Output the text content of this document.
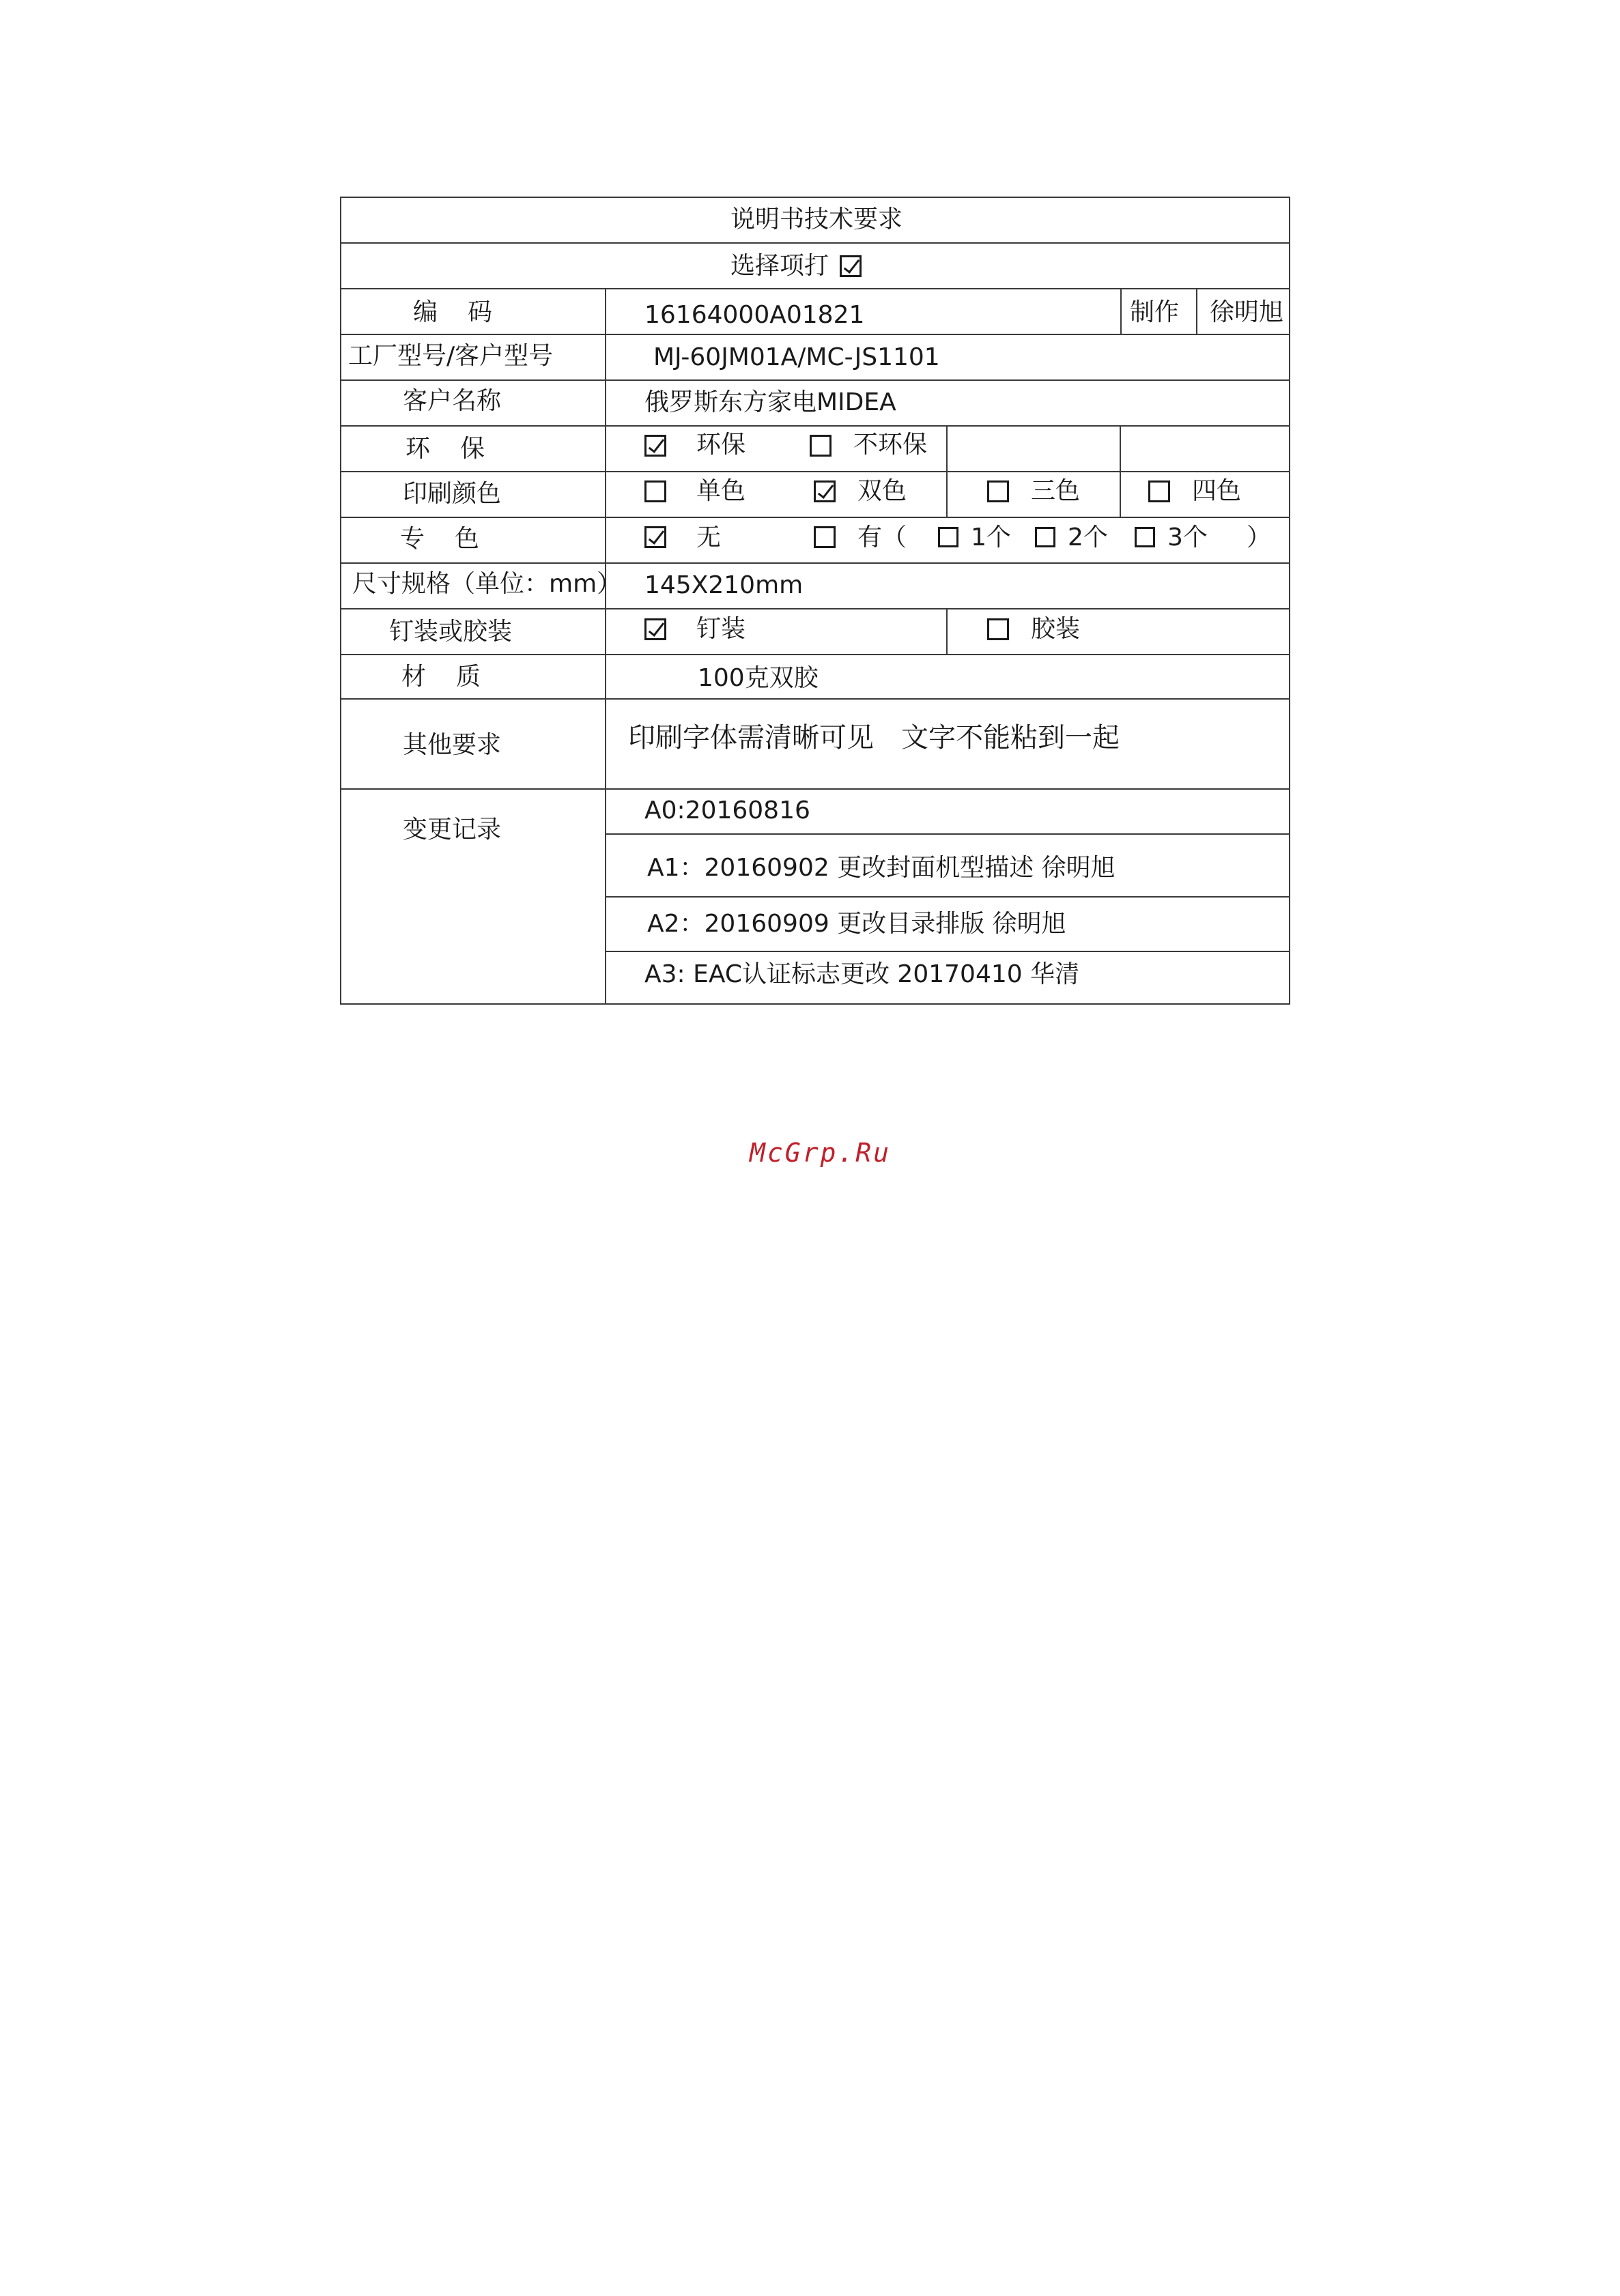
说明书技术要求
选择项打
编码	16164000A01821	制作 徐明旭
工厂型号/客户型号	MJ-60JM01A/MC-JS1101
客户名称	俄罗斯东方家电MIDEA
环保	环保	不环保
印刷颜色	单色	双色	三色	四色
专色	无	有（	1个 2个 3个 ）
尺寸规格（单位：mm） 145X210mm
钉装或胶装	钉装	胶装
材质	100克双胶
其他要求	印刷字体需清晰可见　文字不能粘到一起
变更记录
A0:20160816
A1：20160902 更改封面机型描述 徐明旭
A2：20160909 更改目录排版 徐明旭
A3: EAC认证标志更改 20170410 华清
McGrp.Ru
